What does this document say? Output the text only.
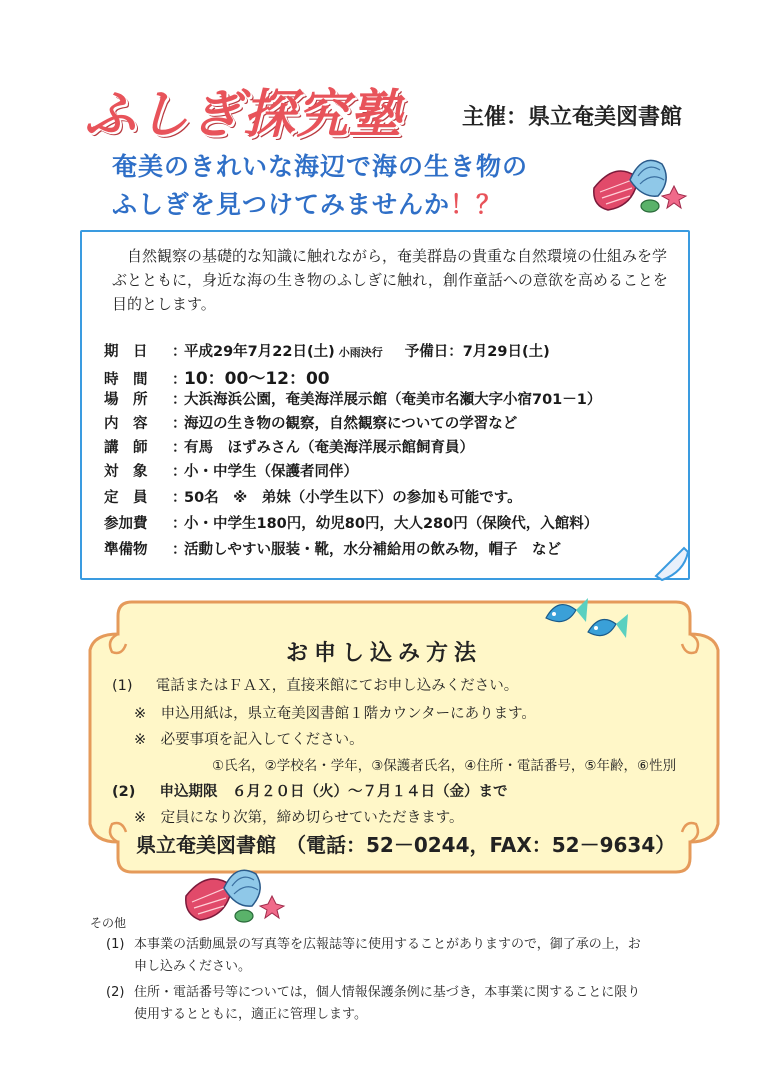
ふしぎ探究塾	主催：県立奄美図書館
奄美のきれいな海辺で海の生き物の
ふしぎを見つけてみませんか！？
自然観察の基礎的な知識に触れながら，奄美群島の貴重な自然環境の仕組みを学ぶとともに，身近な海の生き物のふしぎに触れ，創作童話への意欲を高めることを目的とします。
期　日 ：平成29年7月22日(土) 小雨決行 予備日：7月29日(土)
時　間 ：10：00～12：00
場　所 ：大浜海浜公園，奄美海洋展示館（奄美市名瀬大字小宿701－1）
内　容 ：海辺の生き物の観察，自然観察についての学習など
講　師 ：有馬　ほずみさん（奄美海洋展示館飼育員）
対　象 ：小・中学生（保護者同伴）
定　員 ：50名　※　弟妹（小学生以下）の参加も可能です。
参加費 ：小・中学生180円，幼児80円，大人280円（保険代，入館料）
準備物 ：活動しやすい服装・靴，水分補給用の飲み物，帽子　など
お申し込み方法
(1) 電話またはＦＡＸ，直接来館にてお申し込みください。
※　申込用紙は，県立奄美図書館１階カウンターにあります。
※　必要事項を記入してください。
①氏名，②学校名・学年，③保護者氏名，④住所・電話番号，⑤年齢，⑥性別
(2) 申込期限　６月２０日（火）～７月１４日（金）まで
※　定員になり次第，締め切らせていただきます。
県立奄美図書館　（電話：52－0244，FAX：52－9634）
その他
(1) 本事業の活動風景の写真等を広報誌等に使用することがありますので，御了承の上，お
申し込みください。
(2) 住所・電話番号等については，個人情報保護条例に基づき，本事業に関することに限り
使用するとともに，適正に管理します。
